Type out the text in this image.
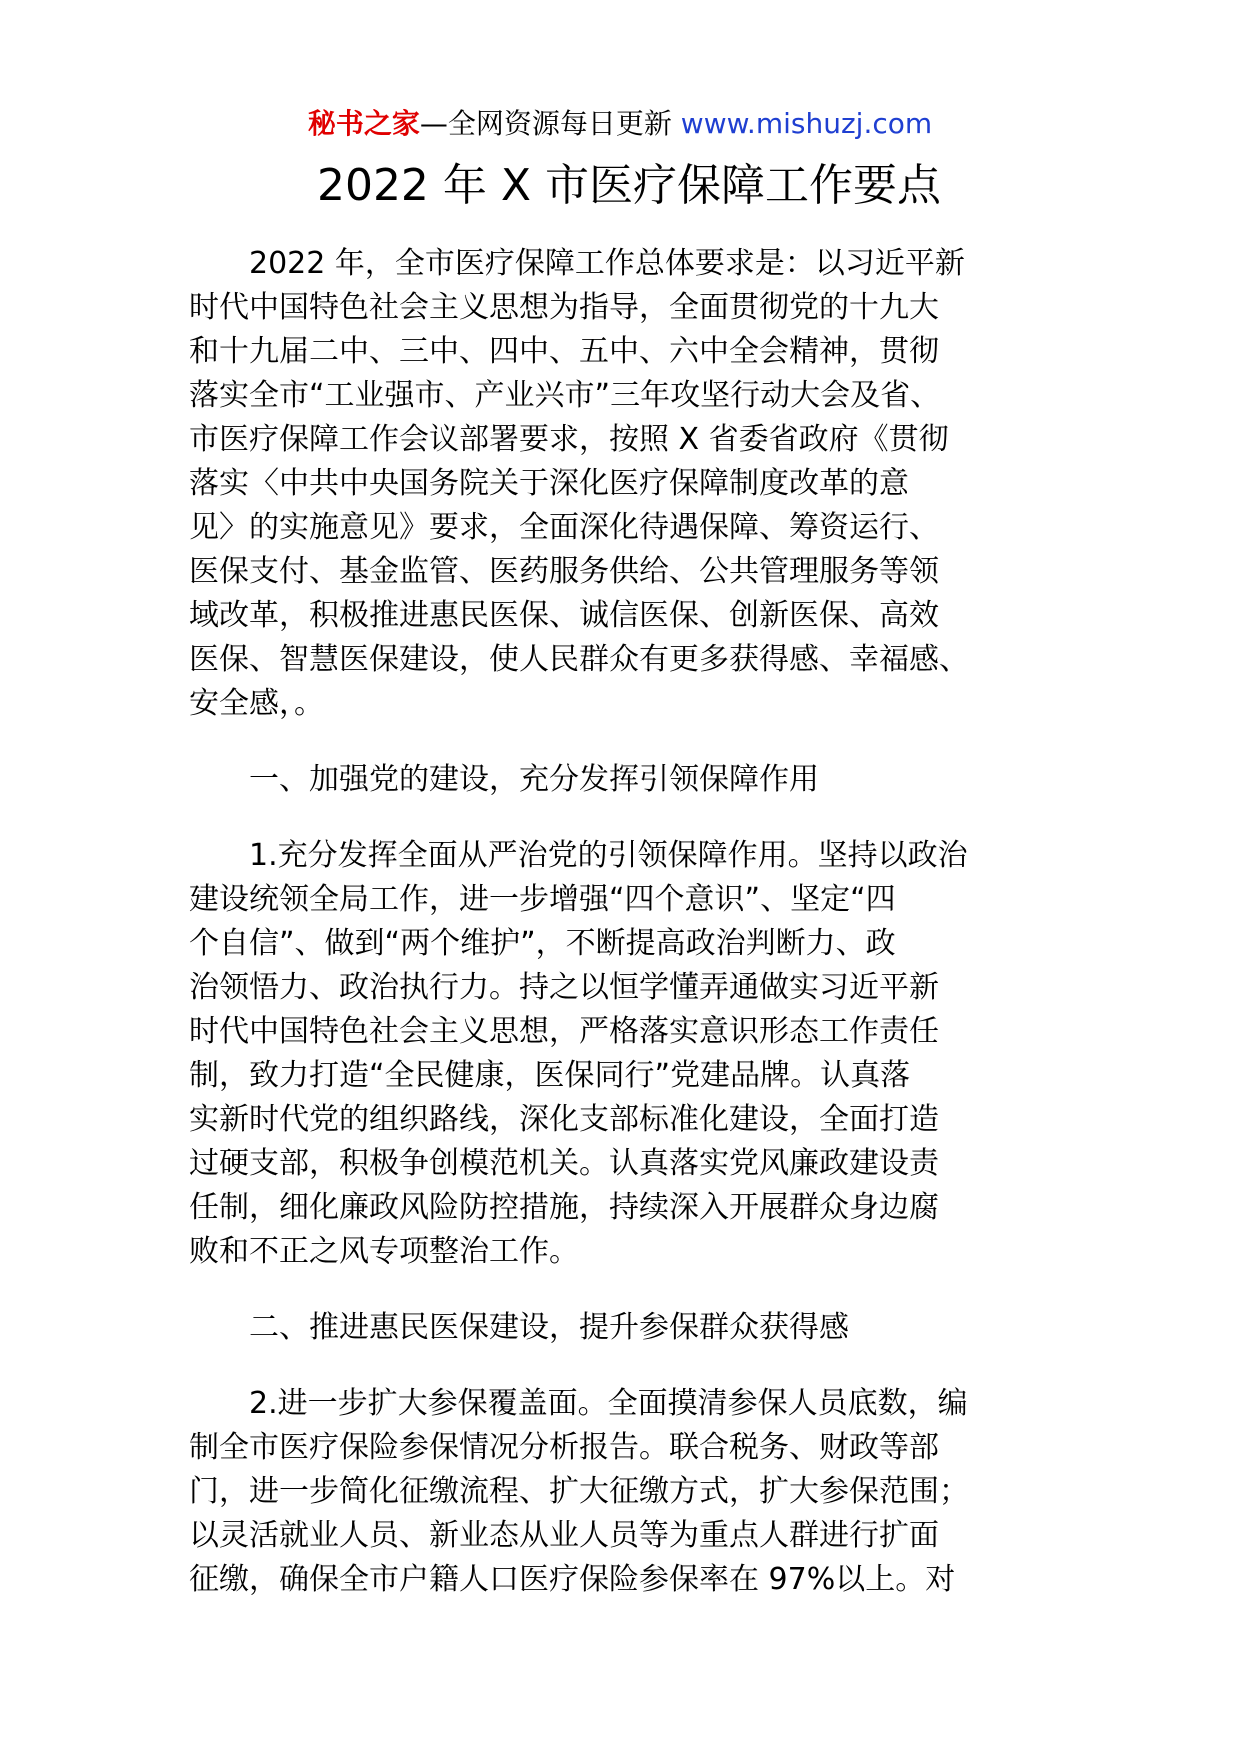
秘书之家—全网资源每日更新 www.mishuzj.com
2022 年 X 市医疗保障工作要点

　　2022 年，全市医疗保障工作总体要求是：以习近平新
时代中国特色社会主义思想为指导，全面贯彻党的十九大
和十九届二中、三中、四中、五中、六中全会精神，贯彻
落实全市“工业强市、产业兴市”三年攻坚行动大会及省、
市医疗保障工作会议部署要求，按照 X 省委省政府《贯彻
落实〈中共中央国务院关于深化医疗保障制度改革的意
见〉的实施意见》要求，全面深化待遇保障、筹资运行、
医保支付、基金监管、医药服务供给、公共管理服务等领
域改革，积极推进惠民医保、诚信医保、创新医保、高效
医保、智慧医保建设，使人民群众有更多获得感、幸福感、
安全感，。

　　一、加强党的建设，充分发挥引领保障作用

　　1.充分发挥全面从严治党的引领保障作用。坚持以政治
建设统领全局工作，进一步增强“四个意识”、坚定“四
个自信”、做到“两个维护”，不断提高政治判断力、政
治领悟力、政治执行力。持之以恒学懂弄通做实习近平新
时代中国特色社会主义思想，严格落实意识形态工作责任
制，致力打造“全民健康，医保同行”党建品牌。认真落
实新时代党的组织路线，深化支部标准化建设，全面打造
过硬支部，积极争创模范机关。认真落实党风廉政建设责
任制，细化廉政风险防控措施，持续深入开展群众身边腐
败和不正之风专项整治工作。

　　二、推进惠民医保建设，提升参保群众获得感

　　2.进一步扩大参保覆盖面。全面摸清参保人员底数，编
制全市医疗保险参保情况分析报告。联合税务、财政等部
门，进一步简化征缴流程、扩大征缴方式，扩大参保范围；
以灵活就业人员、新业态从业人员等为重点人群进行扩面
征缴，确保全市户籍人口医疗保险参保率在 97%以上。对
